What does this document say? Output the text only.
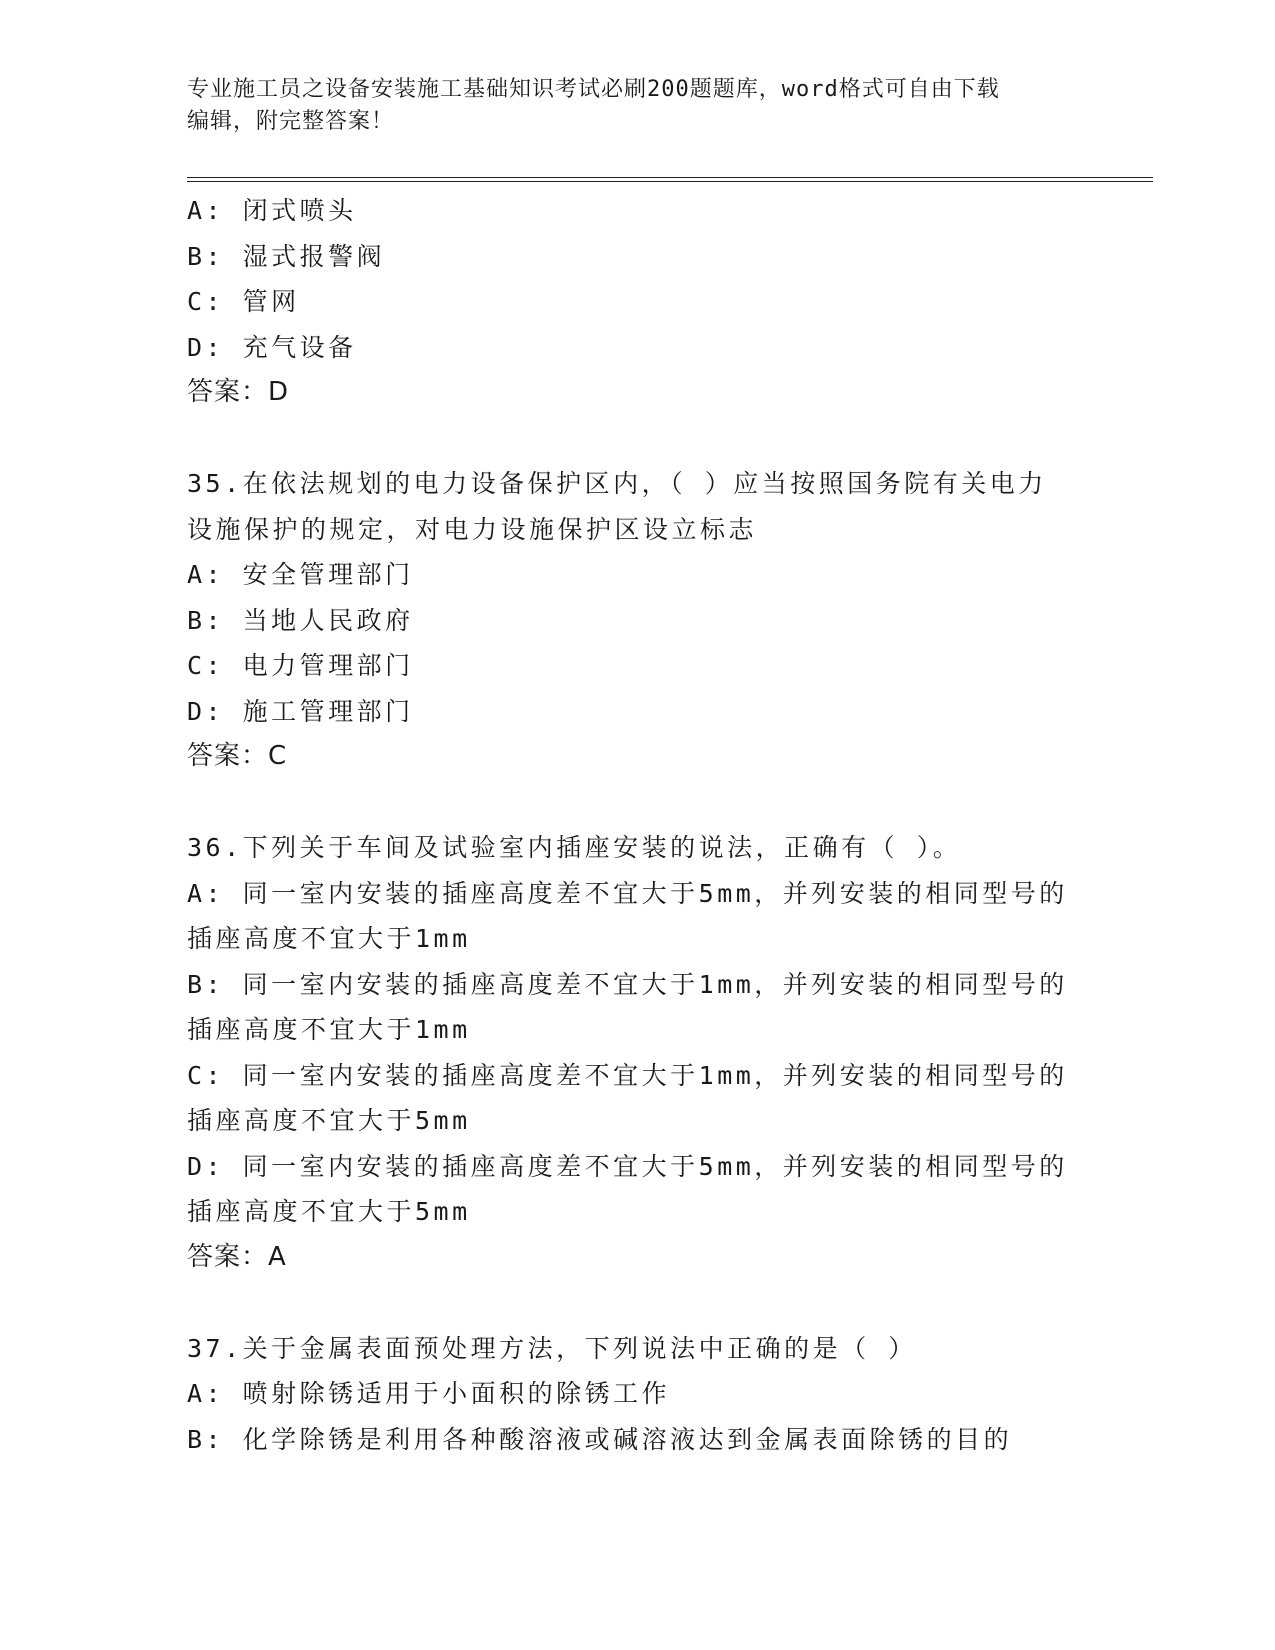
专业施工员之设备安装施工基础知识考试必刷200题题库，word格式可自由下载
编辑，附完整答案！
A: 闭式喷头
B: 湿式报警阀
C: 管网
D: 充气设备
答案：D
35.在依法规划的电力设备保护区内，（ ）应当按照国务院有关电力
设施保护的规定，对电力设施保护区设立标志
A: 安全管理部门
B: 当地人民政府
C: 电力管理部门
D: 施工管理部门
答案：C
36.下列关于车间及试验室内插座安装的说法，正确有（ ）。
A: 同一室内安装的插座高度差不宜大于5mm，并列安装的相同型号的
插座高度不宜大于1mm
B: 同一室内安装的插座高度差不宜大于1mm，并列安装的相同型号的
插座高度不宜大于1mm
C: 同一室内安装的插座高度差不宜大于1mm，并列安装的相同型号的
插座高度不宜大于5mm
D: 同一室内安装的插座高度差不宜大于5mm，并列安装的相同型号的
插座高度不宜大于5mm
答案：A
37.关于金属表面预处理方法，下列说法中正确的是（ ）
A: 喷射除锈适用于小面积的除锈工作
B: 化学除锈是利用各种酸溶液或碱溶液达到金属表面除锈的目的
